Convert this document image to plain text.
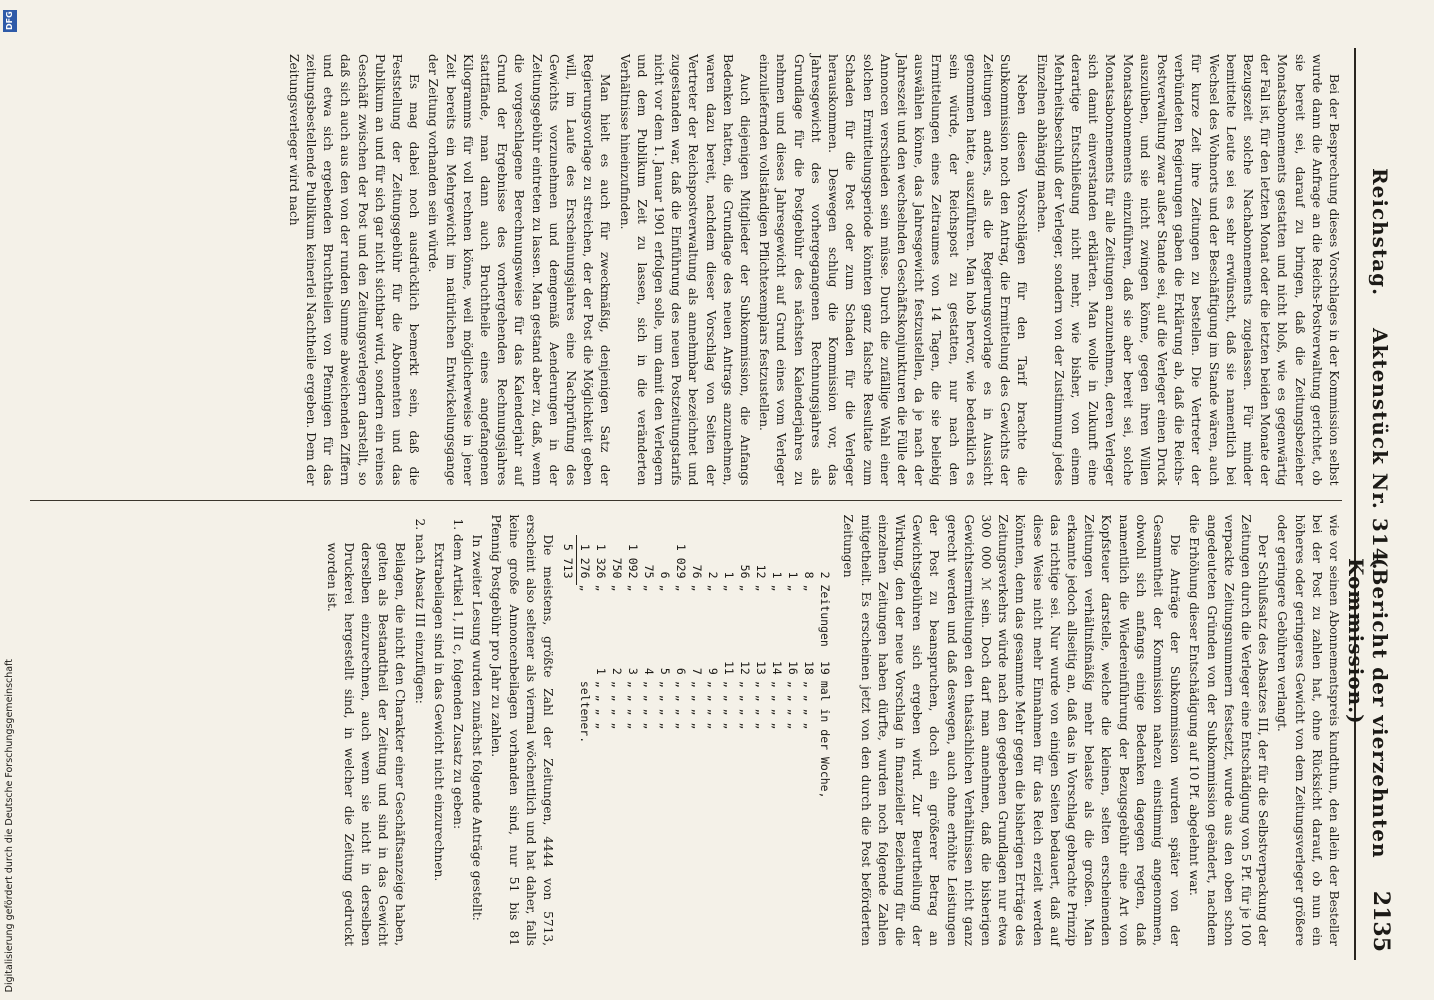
Reichstag.
Aktenstück Nr. 314.
(Bericht der vierzehnten Kommission.)
2135

Bei der Besprechung dieses Vorschlages in der Kommission selbst wurde dann die Anfrage an die Reichs-Postverwaltung gerichtet, ob sie bereit sei, darauf zu bringen, daß die Zeitungsbezieher Monatsabonnements gestatten und nicht bloß, wie es gegenwärtig der Fall ist, für den letzten Monat oder die letzten beiden Monate der Bezugszeit solche Nachabonnements zugelassen. Für minder bemittelte Leute sei es sehr erwünscht, daß sie namentlich bei Wechsel des Wohnorts und der Beschäftigung im Stande wären, auch für kurze Zeit ihre Zeitungen zu bestellen. Die Vertreter der verbündeten Regierungen gaben die Erklärung ab, daß die Reichs-Postverwaltung zwar außer Stande sei, auf die Verleger einen Druck auszuüben, und sie nicht zwingen könne, gegen ihren Willen Monatsabonnements einzuführen, daß sie aber bereit sei, solche Monatsabonnements für alle Zeitungen anzunehmen, deren Verleger sich damit einverstanden erklärten. Man wolle in Zukunft eine derartige Entschließung nicht mehr, wie bisher, von einem Mehrheitsbeschluß der Verleger, sondern von der Zustimmung jedes Einzelnen abhängig machen.

Neben diesen Vorschlägen für den Tarif brachte die Subkommission noch den Antrag, die Ermittelung des Gewichts der Zeitungen anders, als die Regierungsvorlage es in Aussicht genommen hatte, auszuführen. Man hob hervor, wie bedenklich es sein würde, der Reichspost zu gestatten, nur nach den Ermittelungen eines Zeitraumes von 14 Tagen, die sie beliebig auswählen könne, das Jahresgewicht festzustellen, da je nach der Jahreszeit und den wechselnden Geschäftskonjunkturen die Fülle der Annoncen verschieden sein müsse. Durch die zufällige Wahl einer solchen Ermittelungsperiode könnten ganz falsche Resultate zum Schaden für die Post oder zum Schaden für die Verleger herauskommen. Deswegen schlug die Kommission vor, das Jahresgewicht des vorhergegangenen Rechnungsjahres als Grundlage für die Postgebühr des nächsten Kalenderjahres zu nehmen und dieses Jahresgewicht auf Grund eines vom Verleger einzuliefernden vollständigen Pflichtexemplars festzustellen.

Auch diejenigen Mitglieder der Subkommission, die Anfangs Bedenken hatten, die Grundlage des neuen Antrags anzunehmen, waren dazu bereit, nachdem dieser Vorschlag von Seiten der Vertreter der Reichspostverwaltung als annehmbar bezeichnet und zugestanden war, daß die Einführung des neuen Postzeitungstarifs nicht vor dem 1. Januar 1901 erfolgen solle, um damit den Verlegern und dem Publikum Zeit zu lassen, sich in die veränderten Verhältnisse hineinzufinden.

Man hielt es auch für zweckmäßig, denjenigen Satz der Regierungsvorlage zu streichen, der der Post die Möglichkeit geben will, im Laufe des Erscheinungsjahres eine Nachprüfung des Gewichts vorzunehmen und demgemäß Aenderungen in der Zeitungsgebühr eintreten zu lassen. Man gestand aber zu, daß, wenn die vorgeschlagene Berechnungsweise für das Kalenderjahr auf Grund der Ergebnisse des vorhergehenden Rechnungsjahres stattfände, man dann auch Bruchtheile eines angefangenen Kilogramms für voll rechnen könne, weil möglicherweise in jener Zeit bereits ein Mehrgewicht im natürlichen Entwickelungsgange der Zeitung vorhanden sein würde.

Es mag dabei noch ausdrücklich bemerkt sein, daß die Feststellung der Zeitungsgebühr für die Abonnenten und das Publikum an und für sich gar nicht sichtbar wird, sondern ein reines Geschäft zwischen der Post und den Zeitungsverlegern darstellt, so daß sich auch aus den von der runden Summe abweichenden Ziffern und etwa sich ergebenden Bruchtheilen von Pfennigen für das zeitungsbestellende Publikum keinerlei Nachtheile ergeben. Dem der Zeitungsverleger wird nach

wie vor seinen Abonnementspreis kundthun, den allein der Besteller bei der Post zu zahlen hat, ohne Rücksicht darauf, ob nun ein höheres oder geringeres Gewicht von dem Zeitungsverleger größere oder geringere Gebühren verlangt.

Der Schlußsatz des Absatzes III, der für die Selbstverpackung der Zeitungen durch die Verleger eine Entschädigung von 5 Pf. für je 100 verpackte Zeitungsnummern festsetzt, wurde aus den oben schon angedeuteten Gründen von der Subkommission geändert, nachdem die Erhöhung dieser Entschädigung auf 10 Pf. abgelehnt war.

Die Anträge der Subkommission wurden später von der Gesammtheit der Kommission nahezu einstimmig angenommen, obwohl sich anfangs einige Bedenken dagegen regten, daß namentlich die Wiedereinführung der Bezugsgebühr eine Art von Kopfsteuer darstelle, welche die kleinen, selten erscheinenden Zeitungen verhältnißmäßig mehr belaste als die großen. Man erkannte jedoch allseitig an, daß das in Vorschlag gebrachte Prinzip das richtige sei. Nur wurde von einigen Seiten bedauert, daß auf diese Weise nicht mehr Einnahmen für das Reich erzielt werden könnten, denn das gesammte Mehr gegen die bisherigen Erträge des Zeitungsverkehrs würde nach den gegebenen Grundlagen nur etwa 300 000 ℳ sein. Doch darf man annehmen, daß die bisherigen Gewichtsermittelungen den thatsächlichen Verhältnissen nicht ganz gerecht werden und daß deswegen, auch ohne erhöhte Leistungen der Post zu beanspruchen, doch ein größerer Betrag an Gewichtsgebühren sich ergeben wird. Zur Beurtheilung der Wirkung, den der neue Vorschlag in finanzieller Beziehung für die einzelnen Zeitungen haben dürfte, wurden noch folgende Zahlen mitgetheilt. Es erscheinen jetzt von den durch die Post beförderten Zeitungen

2	Zeitungen	19	mal in der Woche,
8	„	18	„ „ „ „
1	„	16	„ „ „ „
1	„	14	„ „ „ „
12	„	13	„ „ „ „
56	„	12	„ „ „ „
1	„	11	„ „ „ „
2	„	9	„ „ „ „
76	„	7	„ „ „ „
1 029	„	6	„ „ „ „
6	„	5	„ „ „ „
75	„	4	„ „ „ „
1 092	„	3	„ „ „ „
750	„	2	„ „ „ „
1 326	„	1	„ „ „ „
1 276	„		seltener.
5 713			

Die meistens, größte Zahl der Zeitungen, 4444 von 5713, erscheint also seltener als viermal wöchentlich und hat daher, falls keine große Annoncenbeilagen vorhanden sind, nur 51 bis 81 Pfennig Postgebühr pro Jahr zu zahlen.

In zweiter Lesung wurden zunächst folgende Anträge gestellt:

1. dem Artikel 1, III c, folgenden Zusatz zu geben:
Extrabeilagen sind in das Gewicht nicht einzurechnen.
2. nach Absatz III einzufügen:
Beilagen, die nicht den Charakter einer Geschäftsanzeige haben, gelten als Bestandtheil der Zeitung und sind in das Gewicht derselben einzurechnen, auch wenn sie nicht in derselben Druckerei hergestellt sind, in welcher die Zeitung gedruckt worden ist.
DFG
Digitalisierung gefördert durch die Deutsche Forschungsgemeinschaft
